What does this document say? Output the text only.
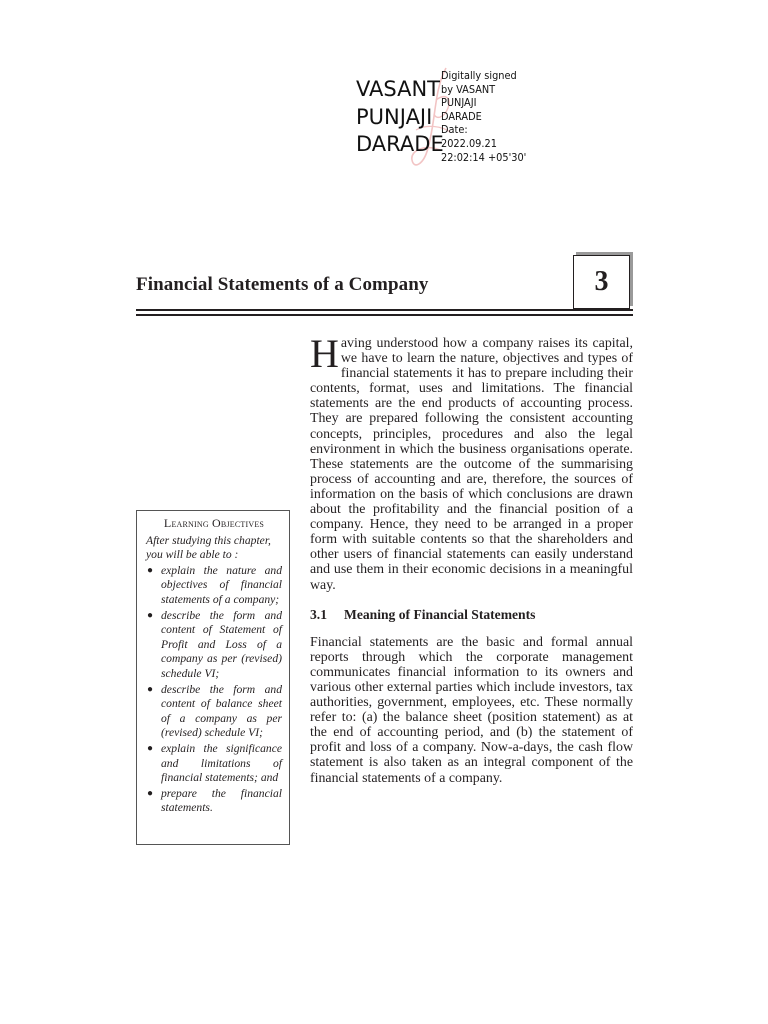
VASANT
PUNJAJI
DARADE
Digitally signed
by VASANT
PUNJAJI
DARADE
Date:
2022.09.21
22:02:14 +05'30'
Financial Statements of a Company	3
Learning Objectives
After studying this chapter, you will be able to :
● explain the nature and objectives of financial statements of a company;
● describe the form and content of Statement of Profit and Loss of a company as per (revised) schedule VI;
● describe the form and content of balance sheet of a company as per (revised) schedule VI;
● explain the significance and limitations of financial statements; and
● prepare the financial statements.

Having understood how a company raises its capital, we have to learn the nature, objectives and types of financial statements it has to prepare including their contents, format, uses and limitations. The financial statements are the end products of accounting process. They are prepared following the consistent accounting concepts, principles, procedures and also the legal environment in which the business organisations operate. These statements are the outcome of the summarising process of accounting and are, therefore, the sources of information on the basis of which conclusions are drawn about the profitability and the financial position of a company. Hence, they need to be arranged in a proper form with suitable contents so that the shareholders and other users of financial statements can easily understand and use them in their economic decisions in a meaningful way.

3.1 Meaning of Financial Statements

Financial statements are the basic and formal annual reports through which the corporate management communicates financial information to its owners and various other external parties which include investors, tax authorities, government, employees, etc. These normally refer to: (a) the balance sheet (position statement) as at the end of accounting period, and (b) the statement of profit and loss of a company. Now-a-days, the cash flow statement is also taken as an integral component of the financial statements of a company.
